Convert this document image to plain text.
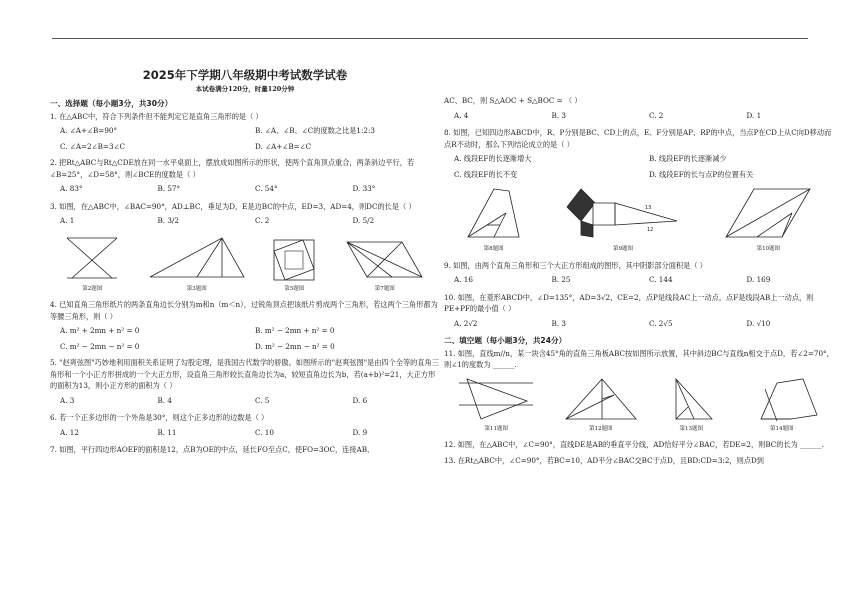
2025年下学期八年级期中考试数学试卷
本试卷满分120分，时量120分钟
一、选择题（每小题3分，共30分）
1. 在△ABC中，符合下列条件但不能判定它是直角三角形的是（ ）
A. ∠A+∠B=90°	B. ∠A、∠B、∠C的度数之比是1:2:3
C. ∠A=2∠B=3∠C	D. ∠A+∠B=∠C
2. 把Rt△ABC与Rt△CDE放在同一水平桌面上，摆放成如图所示的形状，使两个直角顶点重合，两条斜边平行，若∠B=25°，∠D=58°，则∠BCE的度数是（ ）
A. 83°	B. 57°	C. 54°	D. 33°
3. 如图，在△ABC中，∠BAC=90°，AD⊥BC，垂足为D，E是边BC的中点，ED=3，AD=4，则DC的长是（ ）
A. 1	B. 3/2	C. 2	D. 5/2
第2题图	第3题图	第5题图	第7题图
4. 已知直角三角形纸片的两条直角边长分别为m和n（m＜n），过锐角顶点把该纸片剪成两个三角形，若这两个三角形都为等腰三角形，则（ ）
A. m² + 2mn + n² = 0	B. m² − 2mn + n² = 0
C. m² − 2mn − n² = 0	D. m² − 2mn − n² = 0
5. "赵爽弦图"巧妙地利用面积关系证明了勾股定理，是我国古代数学的骄傲。如图所示的"赵爽弦图"是由四个全等的直角三角形和一个小正方形拼成的一个大正方形，设直角三角形较长直角边长为a，较短直角边长为b，若(a+b)²=21，大正方形的面积为13，则小正方形的面积为（ ）
A. 3	B. 4	C. 5	D. 6
6. 若一个正多边形的一个外角是30°，则这个正多边形的边数是（ ）
A. 12	B. 11	C. 10	D. 9
7. 如图，平行四边形AOEF的面积是12，点B为OE的中点，延长FO至点C，使FO=3OC，连接AB、
AC、BC，则 S△AOC + S△BOC = （ ）
A. 4	B. 3	C. 2	D. 1
8. 如图，已知四边形ABCD中，R、P分别是BC、CD上的点，E、F分别是AP、RP的中点，当点P在CD上从C向D移动而点R不动时，那么下列结论成立的是（ ）
A. 线段EF的长逐渐增大	B. 线段EF的长逐渐减少
C. 线段EF的长不变	D. 线段EF的长与点P的位置有关
第8题图
13
12
第9题图	第10题图
9. 如图，由两个直角三角形和三个大正方形组成的图形，其中阴影部分面积是（ ）
A. 16	B. 25	C. 144	D. 169
10. 如图，在菱形ABCD中，∠D=135°，AD=3√2，CE=2，点P是线段AC上一动点，点F是线段AB上一动点，则PE+PF的最小值（ ）
A. 2√2	B. 3	C. 2√5	D. √10
二、填空题（每小题3分，共24分）
11. 如图，直线m//n，某一块含45°角的直角三角板ABC按如图所示放置，其中斜边BC与直线n相交于点D，若∠2=70°，则∠1的度数为 ______.
第11题图	第12题图	第13题图	第14题图
12. 如图，在△ABC中，∠C=90°，直线DE是AB的垂直平分线，AD恰好平分∠BAC，若DE=2，则BC的长为 ______.
13. 在Rt△ABC中，∠C=90°，若BC=10，AD平分∠BAC交BC于点D，且BD:CD=3:2，则点D到
